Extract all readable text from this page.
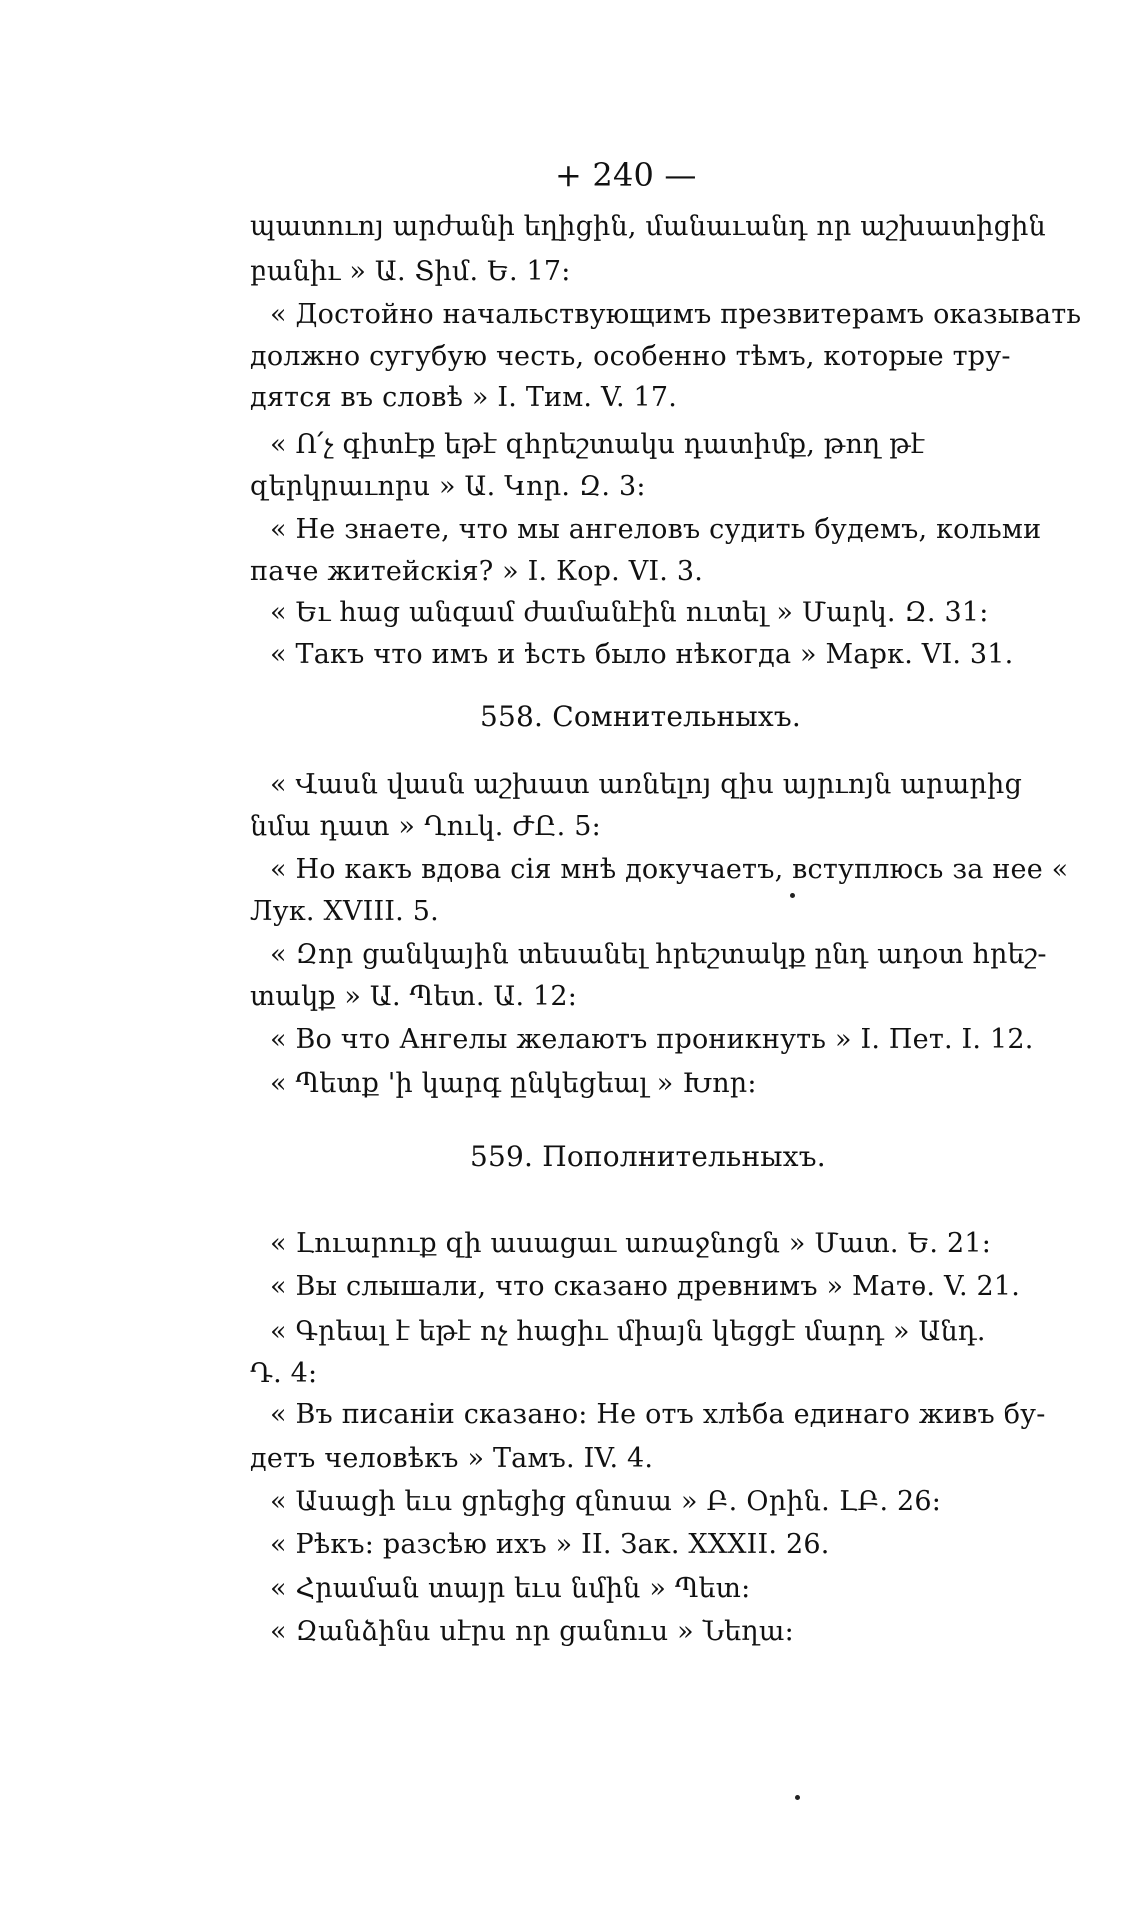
+ 240 —
պատուոյ արժանի եղիցին, մանաւանդ որ աշխատիցին
բանիւ » Ա. Տիմ. Ե. 17։
« Достойно начальствующимъ презвитерамъ оказывать
должно сугубую честь, особенно тѣмъ, которые тру-
дятся въ словѣ » I. Тим. V. 17.
« Ո՛չ գիտէք եթէ զհրեշտակս դատիմք, թող թէ
զերկրաւորս » Ա. Կոր. Զ. 3։
« Не знаете, что мы ангеловъ судить будемъ, кольми
паче житейскія? » I. Кор. VI. 3.
« Եւ հաց անգամ ժամանէին ուտել » Մարկ. Զ. 31։
« Такъ что имъ и ѣсть было нѣкогда » Марк. VI. 31.
558. Сомнительныхъ.
« Վասն վասն աշխատ առնելոյ զիս այրւոյն արարից
նմա դատ » Ղուկ. ԺԸ. 5։
« Но какъ вдова сія мнѣ докучаетъ, вступлюсь за нее «
Лук. XVIII. 5.
« Զոր ցանկային տեսանել հրեշտակք ընդ ադօտ հրեշ-
տակք » Ա. Պետ. Ա. 12։
« Во что Ангелы желаютъ проникнуть » I. Пет. I. 12.
« Պետք 'ի կարգ ընկեցեալ » Խոր։
559. Пополнительныхъ.
« Լուարուք զի ասացաւ առաջնոցն » Մատ. Ե. 21։
« Вы слышали, что сказано древнимъ » Матѳ. V. 21.
« Գրեալ է եթէ ոչ հացիւ միայն կեցցէ մարդ » Անդ.
Դ. 4։
« Въ писаніи сказано: Не отъ хлѣба единаго живъ бу-
детъ человѣкъ » Тамъ. IV. 4.
« Ասացի եւս ցրեցից զնոսա » Բ. Օրին. ԼԲ. 26։
« Рѣкъ: разсѣю ихъ » II. Зак. XXXII. 26.
« Հրաման տայր եւս նմին » Պետ։
« Զանձինս սէրս որ ցանուս » Նեղա։
